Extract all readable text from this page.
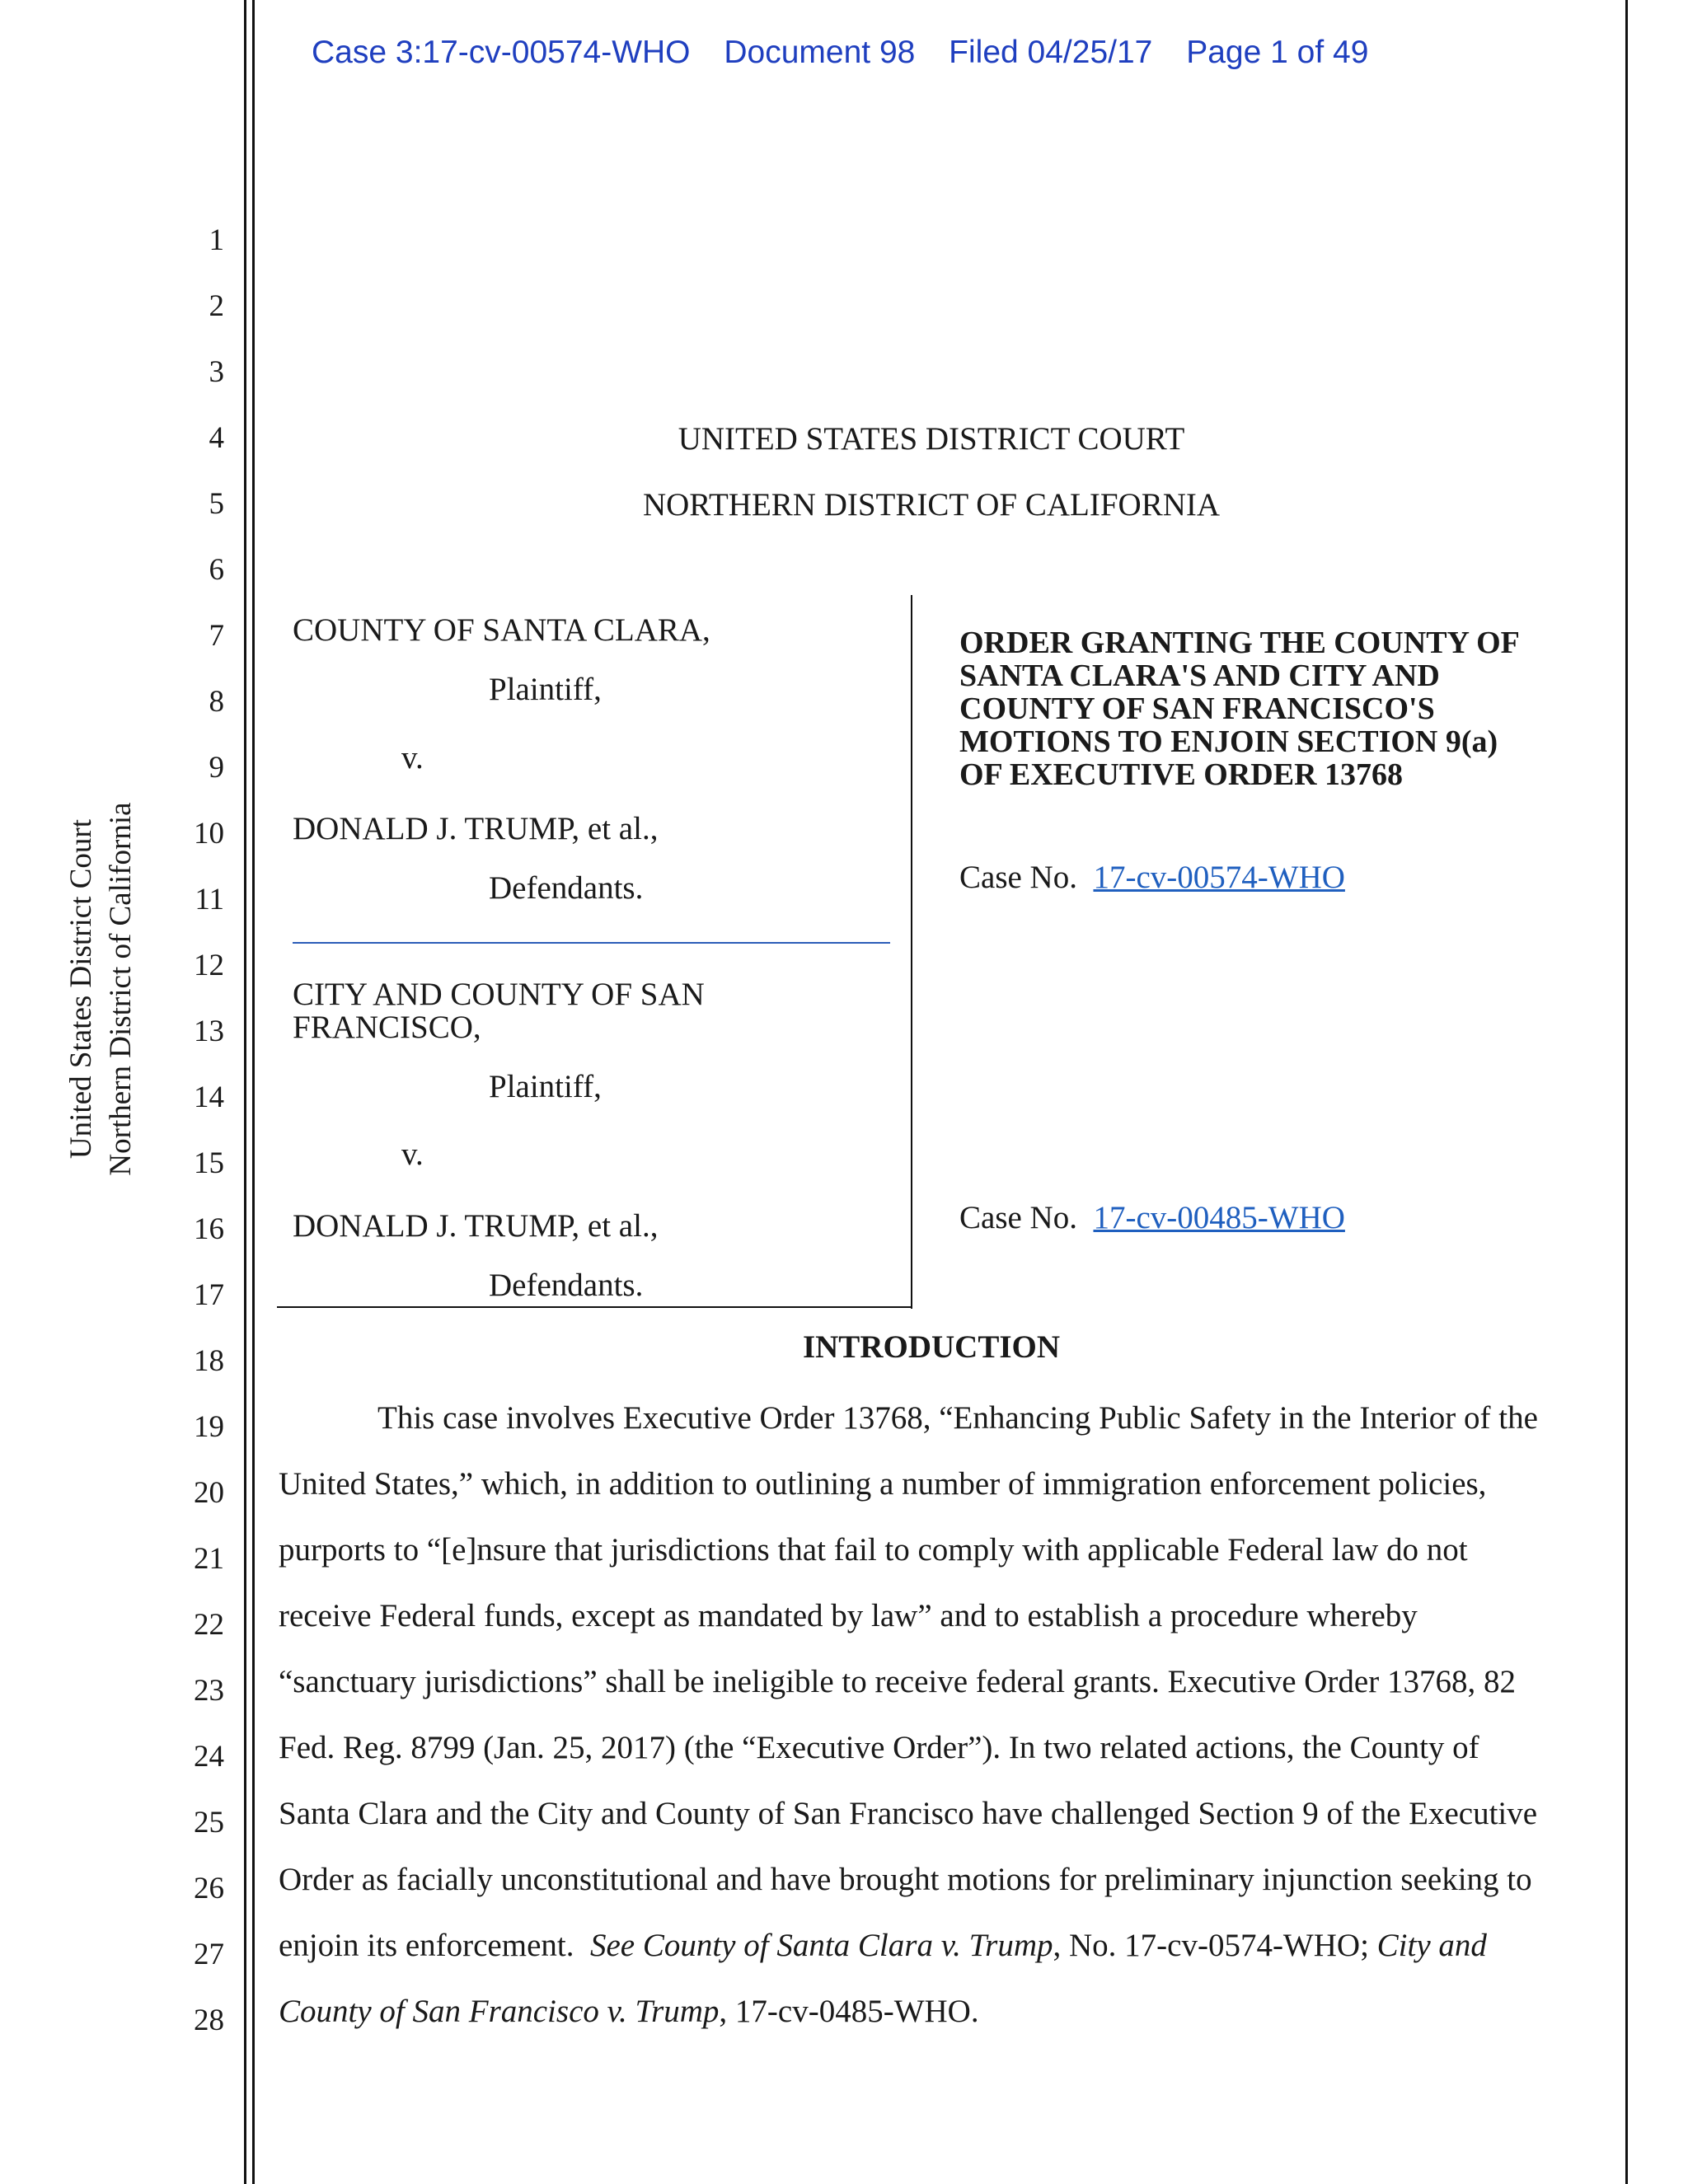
Case 3:17-cv-00574-WHO Document 98 Filed 04/25/17 Page 1 of 49
United States District Court Northern District of California
1
2
3
4
5
6
7
8
9
10
11
12
13
14
15
16
17
18
19
20
21
22
23
24
25
26
27
28
UNITED STATES DISTRICT COURT
NORTHERN DISTRICT OF CALIFORNIA
COUNTY OF SANTA CLARA,
Plaintiff,
v.
DONALD J. TRUMP, et al.,
Defendants.
CITY AND COUNTY OF SAN
FRANCISCO,
Plaintiff,
v.
DONALD J. TRUMP, et al.,
Defendants.
ORDER GRANTING THE COUNTY OF
SANTA CLARA'S AND CITY AND
COUNTY OF SAN FRANCISCO'S
MOTIONS TO ENJOIN SECTION 9(a)
OF EXECUTIVE ORDER 13768
Case No. 17-cv-00574-WHO
Case No. 17-cv-00485-WHO
INTRODUCTION
This case involves Executive Order 13768, “Enhancing Public Safety in the Interior of the
United States,” which, in addition to outlining a number of immigration enforcement policies,
purports to “[e]nsure that jurisdictions that fail to comply with applicable Federal law do not
receive Federal funds, except as mandated by law” and to establish a procedure whereby
“sanctuary jurisdictions” shall be ineligible to receive federal grants. Executive Order 13768, 82
Fed. Reg. 8799 (Jan. 25, 2017) (the “Executive Order”). In two related actions, the County of
Santa Clara and the City and County of San Francisco have challenged Section 9 of the Executive
Order as facially unconstitutional and have brought motions for preliminary injunction seeking to
enjoin its enforcement.  See County of Santa Clara v. Trump, No. 17-cv-0574-WHO; City and
County of San Francisco v. Trump, 17-cv-0485-WHO.
